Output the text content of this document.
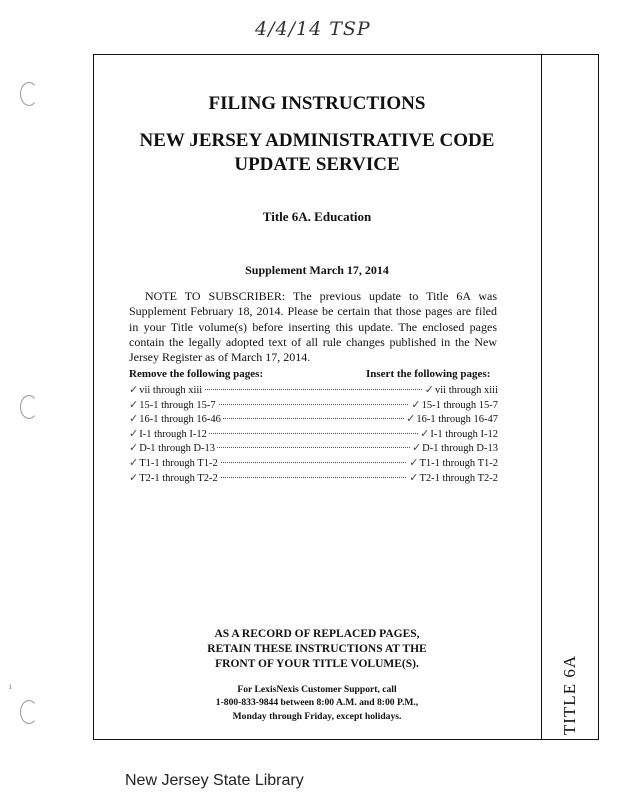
4/4/14 TSP
ı	TITLE 6A
FILING INSTRUCTIONS
NEW JERSEY ADMINISTRATIVE CODE
UPDATE SERVICE
Title 6A. Education
Supplement March 17, 2014
NOTE TO SUBSCRIBER: The previous update to Title 6A was Supplement February 18, 2014. Please be certain that those pages are filed in your Title volume(s) before inserting this update. The enclosed pages contain the legally adopted text of all rule changes published in the New Jersey Register as of March 17, 2014.
Remove the following pages:	Insert the following pages:
✓vii through xiii	✓vii through xiii
✓15-1 through 15-7	✓15-1 through 15-7
✓16-1 through 16-46	✓16-1 through 16-47
✓I-1 through I-12	✓I-1 through I-12
✓D-1 through D-13	✓D-1 through D-13
✓T1-1 through T1-2	✓T1-1 through T1-2
✓T2-1 through T2-2	✓T2-1 through T2-2
AS A RECORD OF REPLACED PAGES,
RETAIN THESE INSTRUCTIONS AT THE
FRONT OF YOUR TITLE VOLUME(S).
For LexisNexis Customer Support, call
1-800-833-9844 between 8:00 A.M. and 8:00 P.M.,
Monday through Friday, except holidays.
New Jersey State Library
